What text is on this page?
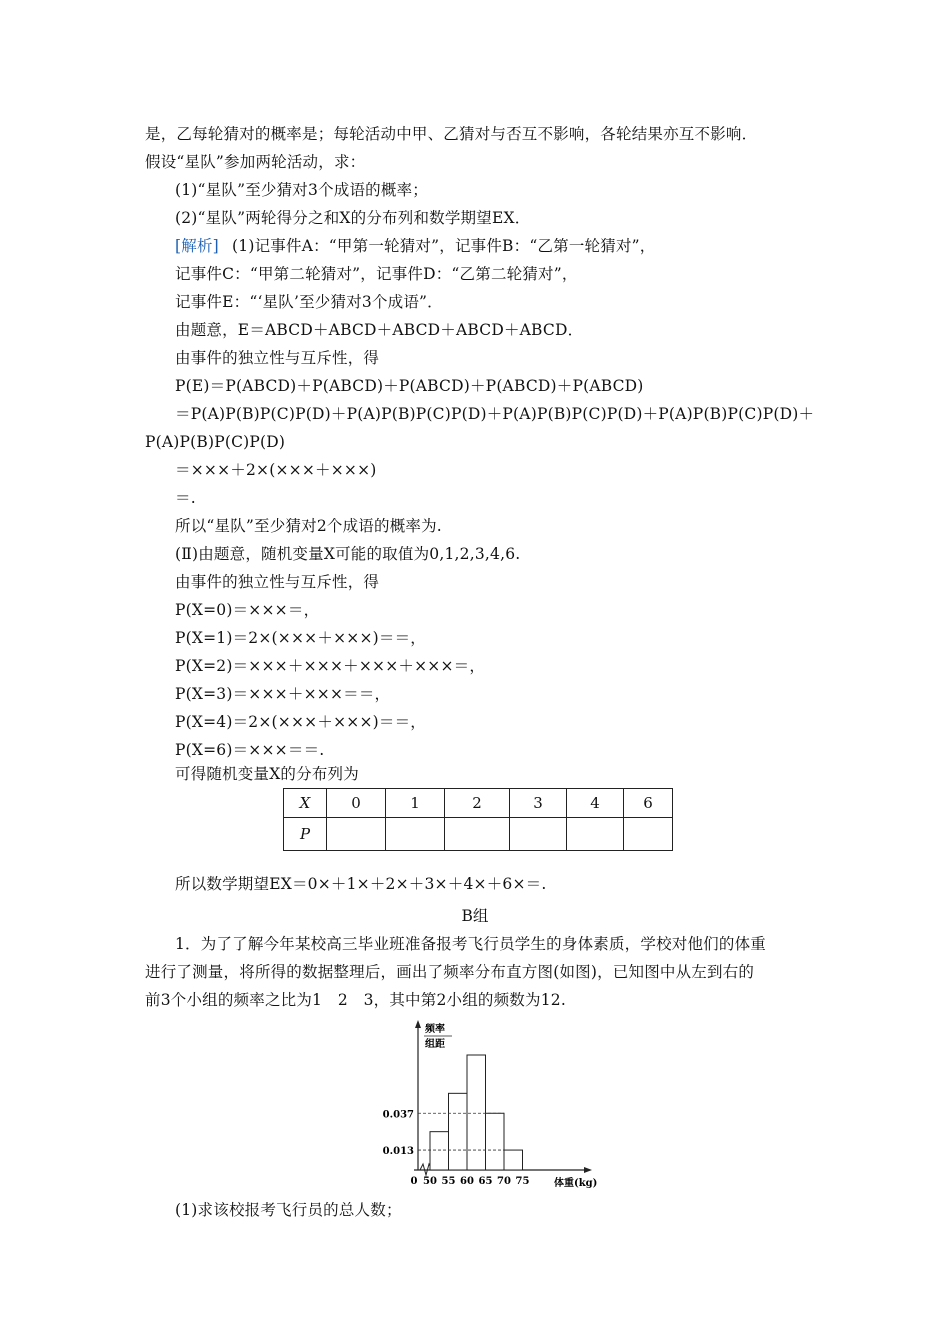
是，乙每轮猜对的概率是；每轮活动中甲、乙猜对与否互不影响，各轮结果亦互不影响．
假设“星队”参加两轮活动，求：
(1)“星队”至少猜对3个成语的概率；
(2)“星队”两轮得分之和X的分布列和数学期望EX．
[解析] (1)记事件A：“甲第一轮猜对”，记事件B：“乙第一轮猜对”，
记事件C：“甲第二轮猜对”，记事件D：“乙第二轮猜对”，
记事件E：“‘星队’至少猜对3个成语”．
由题意，E＝ABCD＋ABCD＋ABCD＋ABCD＋ABCD．
由事件的独立性与互斥性，得
P(E)＝P(ABCD)＋P(ABCD)＋P(ABCD)＋P(ABCD)＋P(ABCD)
＝P(A)P(B)P(C)P(D)＋P(A)P(B)P(C)P(D)＋P(A)P(B)P(C)P(D)＋P(A)P(B)P(C)P(D)＋
P(A)P(B)P(C)P(D)
＝×××＋2×(×××＋×××)
＝.
所以“星队”至少猜对2个成语的概率为.
(Ⅱ)由题意，随机变量X可能的取值为0,1,2,3,4,6.
由事件的独立性与互斥性，得
P(X=0)＝×××＝，
P(X=1)＝2×(×××＋×××)＝＝，
P(X=2)＝×××＋×××＋×××＋×××＝，
P(X=3)＝×××＋×××＝＝，
P(X=4)＝2×(×××＋×××)＝＝，
P(X=6)＝×××＝＝.
可得随机变量X的分布列为
X	0	1	2	3	4	6
P						
所以数学期望EX＝0×＋1×＋2×＋3×＋4×＋6×＝.
B组
1．为了了解今年某校高三毕业班准备报考飞行员学生的身体素质，学校对他们的体重
进行了测量，将所得的数据整理后，画出了频率分布直方图(如图)，已知图中从左到右的
前3个小组的频率之比为1　2　3，其中第2小组的频数为12.
频率
组距
体重(kg)
0.037
0.013
0 50 55 60 65 70 75
(1)求该校报考飞行员的总人数；
